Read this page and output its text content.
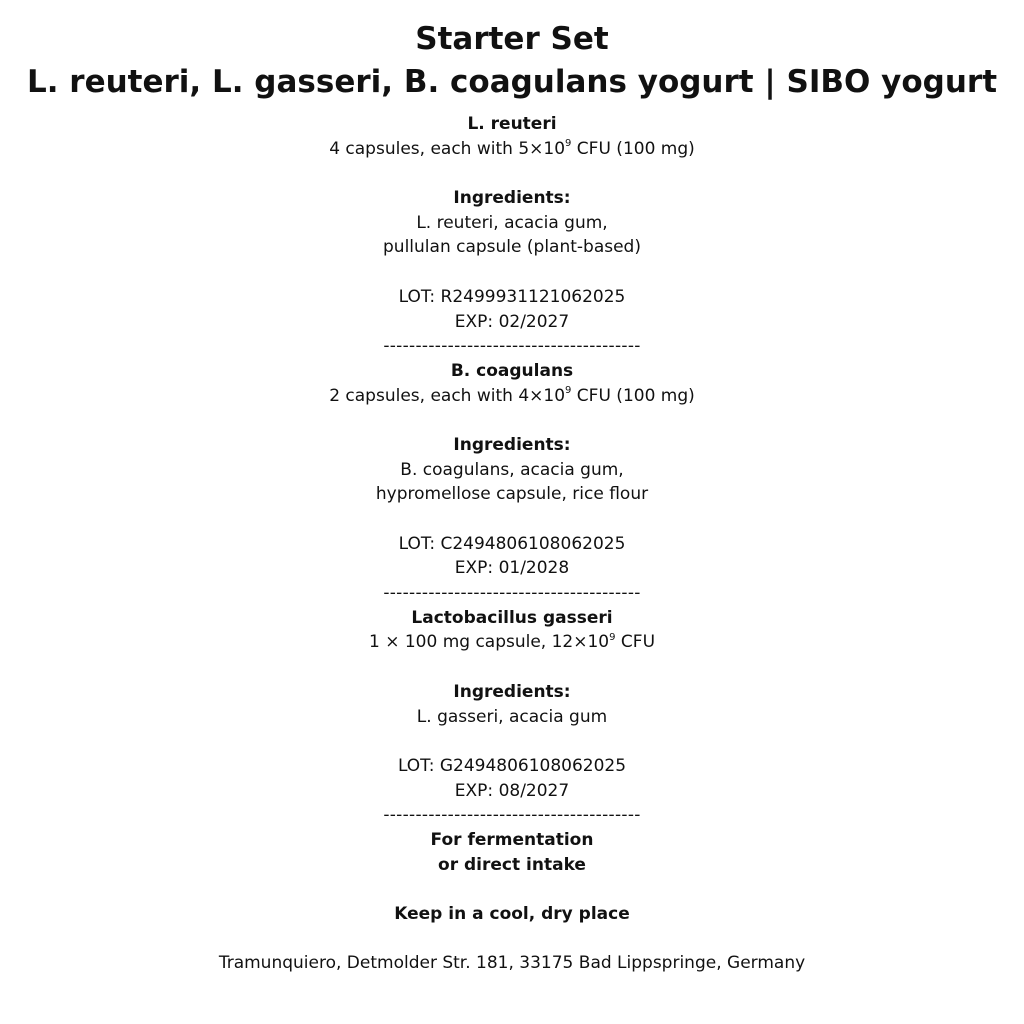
Starter Set
L. reuteri, L. gasseri, B. coagulans yogurt | SIBO yogurt
L. reuteri
4 capsules, each with $5\times 10^9$ CFU (100 mg)
Ingredients:
L. reuteri, acacia gum,
pullulan capsule (plant-based)
LOT: R2499931121062025
EXP: 02/2027
----------------------------------------
B. coagulans
2 capsules, each with $4\times 10^9$ CFU (100 mg)
Ingredients:
B. coagulans, acacia gum,
hypromellose capsule, rice flour
LOT: C2494806108062025
EXP: 01/2028
----------------------------------------
Lactobacillus gasseri
1 × 100 mg capsule, $12\times 10^9$ CFU
Ingredients:
L. gasseri, acacia gum
LOT: G2494806108062025
EXP: 08/2027
----------------------------------------
For fermentation
or direct intake
Keep in a cool, dry place
Tramunquiero, Detmolder Str. 181, 33175 Bad Lippspringe, Germany
